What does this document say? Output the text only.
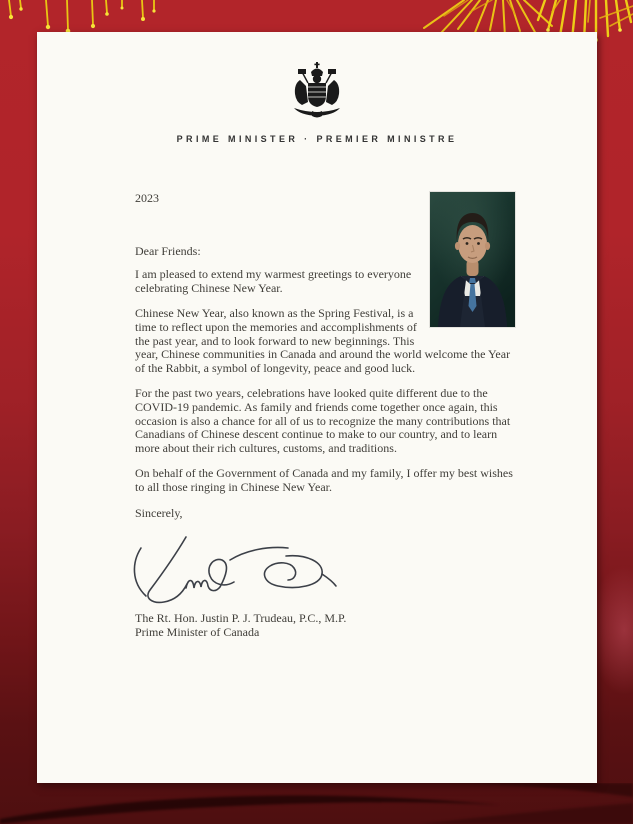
PRIME MINISTER · PREMIER MINISTRE
2023

Dear Friends:

I am pleased to extend my warmest greetings to everyone celebrating Chinese New Year.

Chinese New Year, also known as the Spring Festival, is a time to reflect upon the memories and accomplishments of the past year, and to look forward to new beginnings. This year, Chinese communities in Canada and around the world welcome the Year of the Rabbit, a symbol of longevity, peace and good luck.

For the past two years, celebrations have looked quite different due to the COVID-19 pandemic. As family and friends come together once again, this occasion is also a chance for all of us to recognize the many contributions that Canadians of Chinese descent continue to make to our country, and to learn more about their rich cultures, customs, and traditions.

On behalf of the Government of Canada and my family, I offer my best wishes to all those ringing in Chinese New Year.

Sincerely,

The Rt. Hon. Justin P. J. Trudeau, P.C., M.P.
Prime Minister of Canada
